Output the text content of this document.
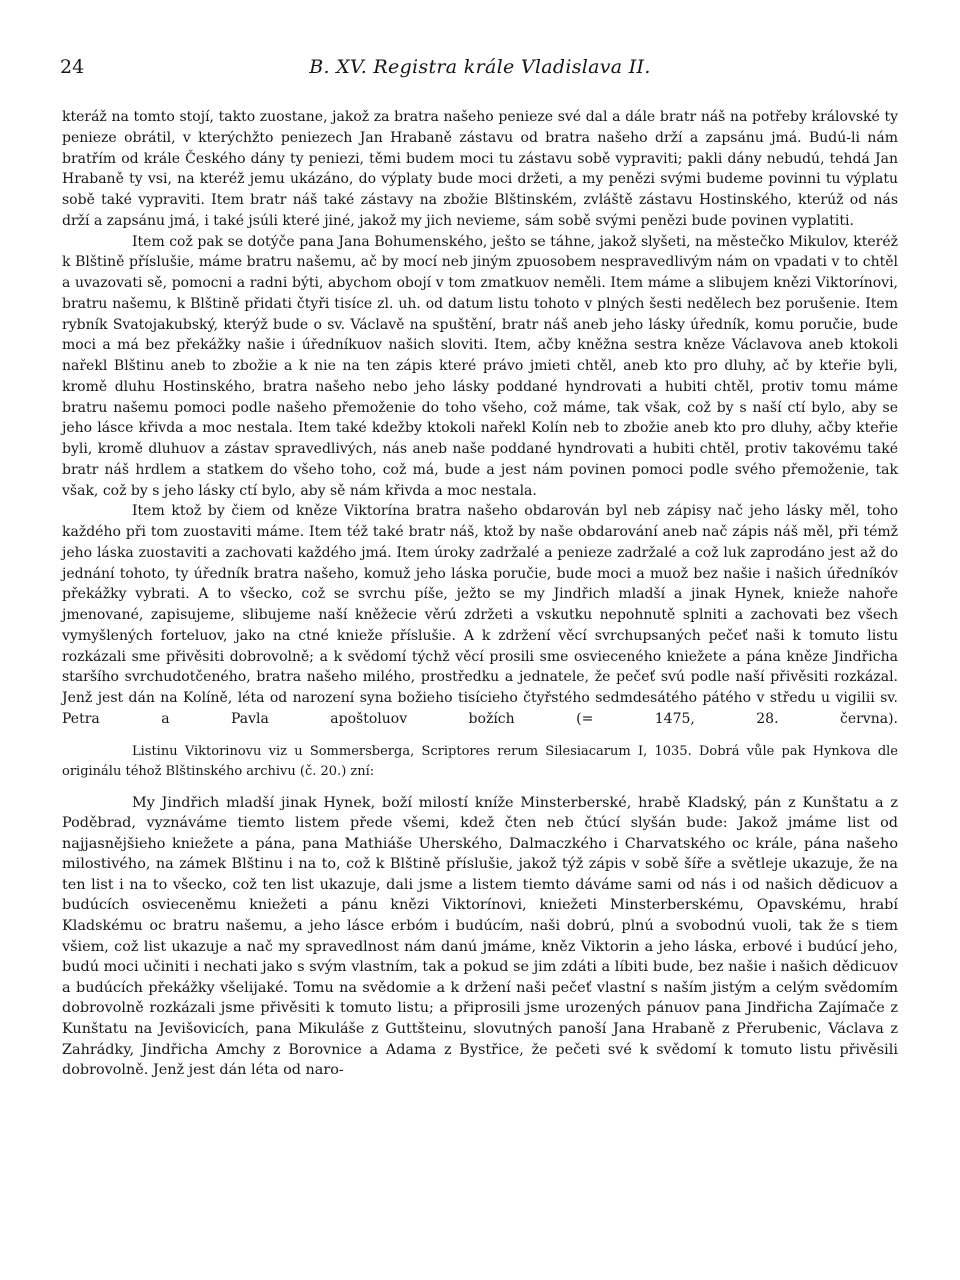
24	B. XV. Registra krále Vladislava II.

kteráž na tomto stojí, takto zuostane, jakož za bratra našeho penieze své dal a dále bratr náš na potřeby královské ty penieze obrátil, v kterýchžto peniezech Jan Hrabaně zástavu od bratra našeho drží a zapsánu jmá. Budú-li nám bratřím od krále Českého dány ty peniezi, těmi budem moci tu zástavu sobě vypraviti; pakli dány nebudú, tehdá Jan Hrabaně ty vsi, na kteréž jemu ukázáno, do výplaty bude moci držeti, a my penězi svými budeme povinni tu výplatu sobě také vypraviti. Item bratr náš také zástavy na zbožie Blštinském, zvláště zástavu Hostinského, kterúž od nás drží a zapsánu jmá, i také jsúli které jiné, jakož my jich nevieme, sám sobě svými penězi bude povinen vyplatiti.

Item což pak se dotýče pana Jana Bohumenského, ješto se táhne, jakož slyšeti, na městečko Mikulov, kteréž k Blštině příslušie, máme bratru našemu, ač by mocí neb jiným zpuosobem nespravedlivým nám on vpadati v to chtěl a uvazovati sě, pomocni a radni býti, abychom obojí v tom zmatkuov neměli. Item máme a slibujem knězi Viktorínovi, bratru našemu, k Blštině přidati čtyři tisíce zl. uh. od datum listu tohoto v plných šesti nedělech bez porušenie. Item rybník Svatojakubský, kterýž bude o sv. Václavě na spuštění, bratr náš aneb jeho lásky úředník, komu poručie, bude moci a má bez překážky našie i úředníkuov našich sloviti. Item, ačby kněžna sestra kněze Václavova aneb ktokoli nařekl Blštinu aneb to zbožie a k nie na ten zápis které právo jmieti chtěl, aneb kto pro dluhy, ač by kteřie byli, kromě dluhu Hostinského, bratra našeho nebo jeho lásky poddané hyndrovati a hubiti chtěl, protiv tomu máme bratru našemu pomoci podle našeho přemoženie do toho všeho, což máme, tak však, což by s naší ctí bylo, aby se jeho lásce křivda a moc nestala. Item také kdežby ktokoli nařekl Kolín neb to zbožie aneb kto pro dluhy, ačby kteřie byli, kromě dluhuov a zástav spravedlivých, nás aneb naše poddané hyndrovati a hubiti chtěl, protiv takovému také bratr náš hrdlem a statkem do všeho toho, což má, bude a jest nám povinen pomoci podle svého přemoženie, tak však, což by s jeho lásky ctí bylo, aby sě nám křivda a moc nestala.

Item ktož by čiem od kněze Viktorína bratra našeho obdarován byl neb zápisy nač jeho lásky měl, toho každého při tom zuostaviti máme. Item též také bratr náš, ktož by naše obdarování aneb nač zápis náš měl, při témž jeho láska zuostaviti a zachovati každého jmá. Item úroky zadržalé a penieze zadržalé a což luk zaprodáno jest až do jednání tohoto, ty úředník bratra našeho, komuž jeho láska poručie, bude moci a muož bez našie i našich úředníkóv překážky vybrati. A to všecko, což se svrchu píše, ježto se my Jindřich mladší a jinak Hynek, knieže nahoře jmenované, zapisujeme, slibujeme naší kněžecie věrú zdržeti a vskutku nepohnutě splniti a zachovati bez všech vymyšlených forteluov, jako na ctné knieže příslušie. A k zdržení věcí svrchupsaných pečeť naši k tomuto listu rozkázali sme přivěsiti dobrovolně; a k svědomí týchž věcí prosili sme osvieceného kniežete a pána kněze Jindřicha staršího svrchudotčeného, bratra našeho milého, prostředku a jednatele, že pečeť svú podle naší přivěsiti rozkázal. Jenž jest dán na Kolíně, léta od narození syna božieho tisícieho čtyřstého sedmdesátého pátého v středu u vigilii sv. Petra a Pavla apoštoluov božích (= 1475, 28. června).

Listinu Viktorinovu viz u Sommersberga, Scriptores rerum Silesiacarum I, 1035. Dobrá vůle pak Hynkova dle originálu téhož Blštinského archivu (č. 20.) zní:

My Jindřich mladší jinak Hynek, boží milostí kníže Minsterberské, hrabě Kladský, pán z Kunštatu a z Poděbrad, vyznáváme tiemto listem přede všemi, kdež čten neb čtúcí slyšán bude: Jakož jmáme list od najjasnějšieho kniežete a pána, pana Mathiáše Uherského, Dalmaczkého i Charvatského oc krále, pána našeho milostivého, na zámek Blštinu i na to, což k Blštině příslušie, jakož týž zápis v sobě šíře a světleje ukazuje, že na ten list i na to všecko, což ten list ukazuje, dali jsme a listem tiemto dáváme sami od nás i od našich dědicuov a budúcích osvieceněmu kniežeti a pánu knězi Viktorínovi, kniežeti Minsterberskému, Opavskému, hrabí Kladskému oc bratru našemu, a jeho lásce erbóm i budúcím, naši dobrú, plnú a svobodnú vuoli, tak že s tiem všiem, což list ukazuje a nač my spravedlnost nám danú jmáme, kněz Viktorin a jeho láska, erbové i budúcí jeho, budú moci učiniti i nechati jako s svým vlastním, tak a pokud se jim zdáti a líbiti bude, bez našie i našich dědicuov a budúcích překážky všelijaké. Tomu na svědomie a k držení naši pečeť vlastní s naším jistým a celým svědomím dobrovolně rozkázali jsme přivěsiti k tomuto listu; a připrosili jsme urozených pánuov pana Jindřicha Zajímače z Kunštatu na Jevišovicích, pana Mikuláše z Guttšteinu, slovutných panoší Jana Hrabaně z Přerubenic, Václava z Zahrádky, Jindřicha Amchy z Borovnice a Adama z Bystřice, že pečeti své k svědomí k tomuto listu přivěsili dobrovolně. Jenž jest dán léta od naro-
